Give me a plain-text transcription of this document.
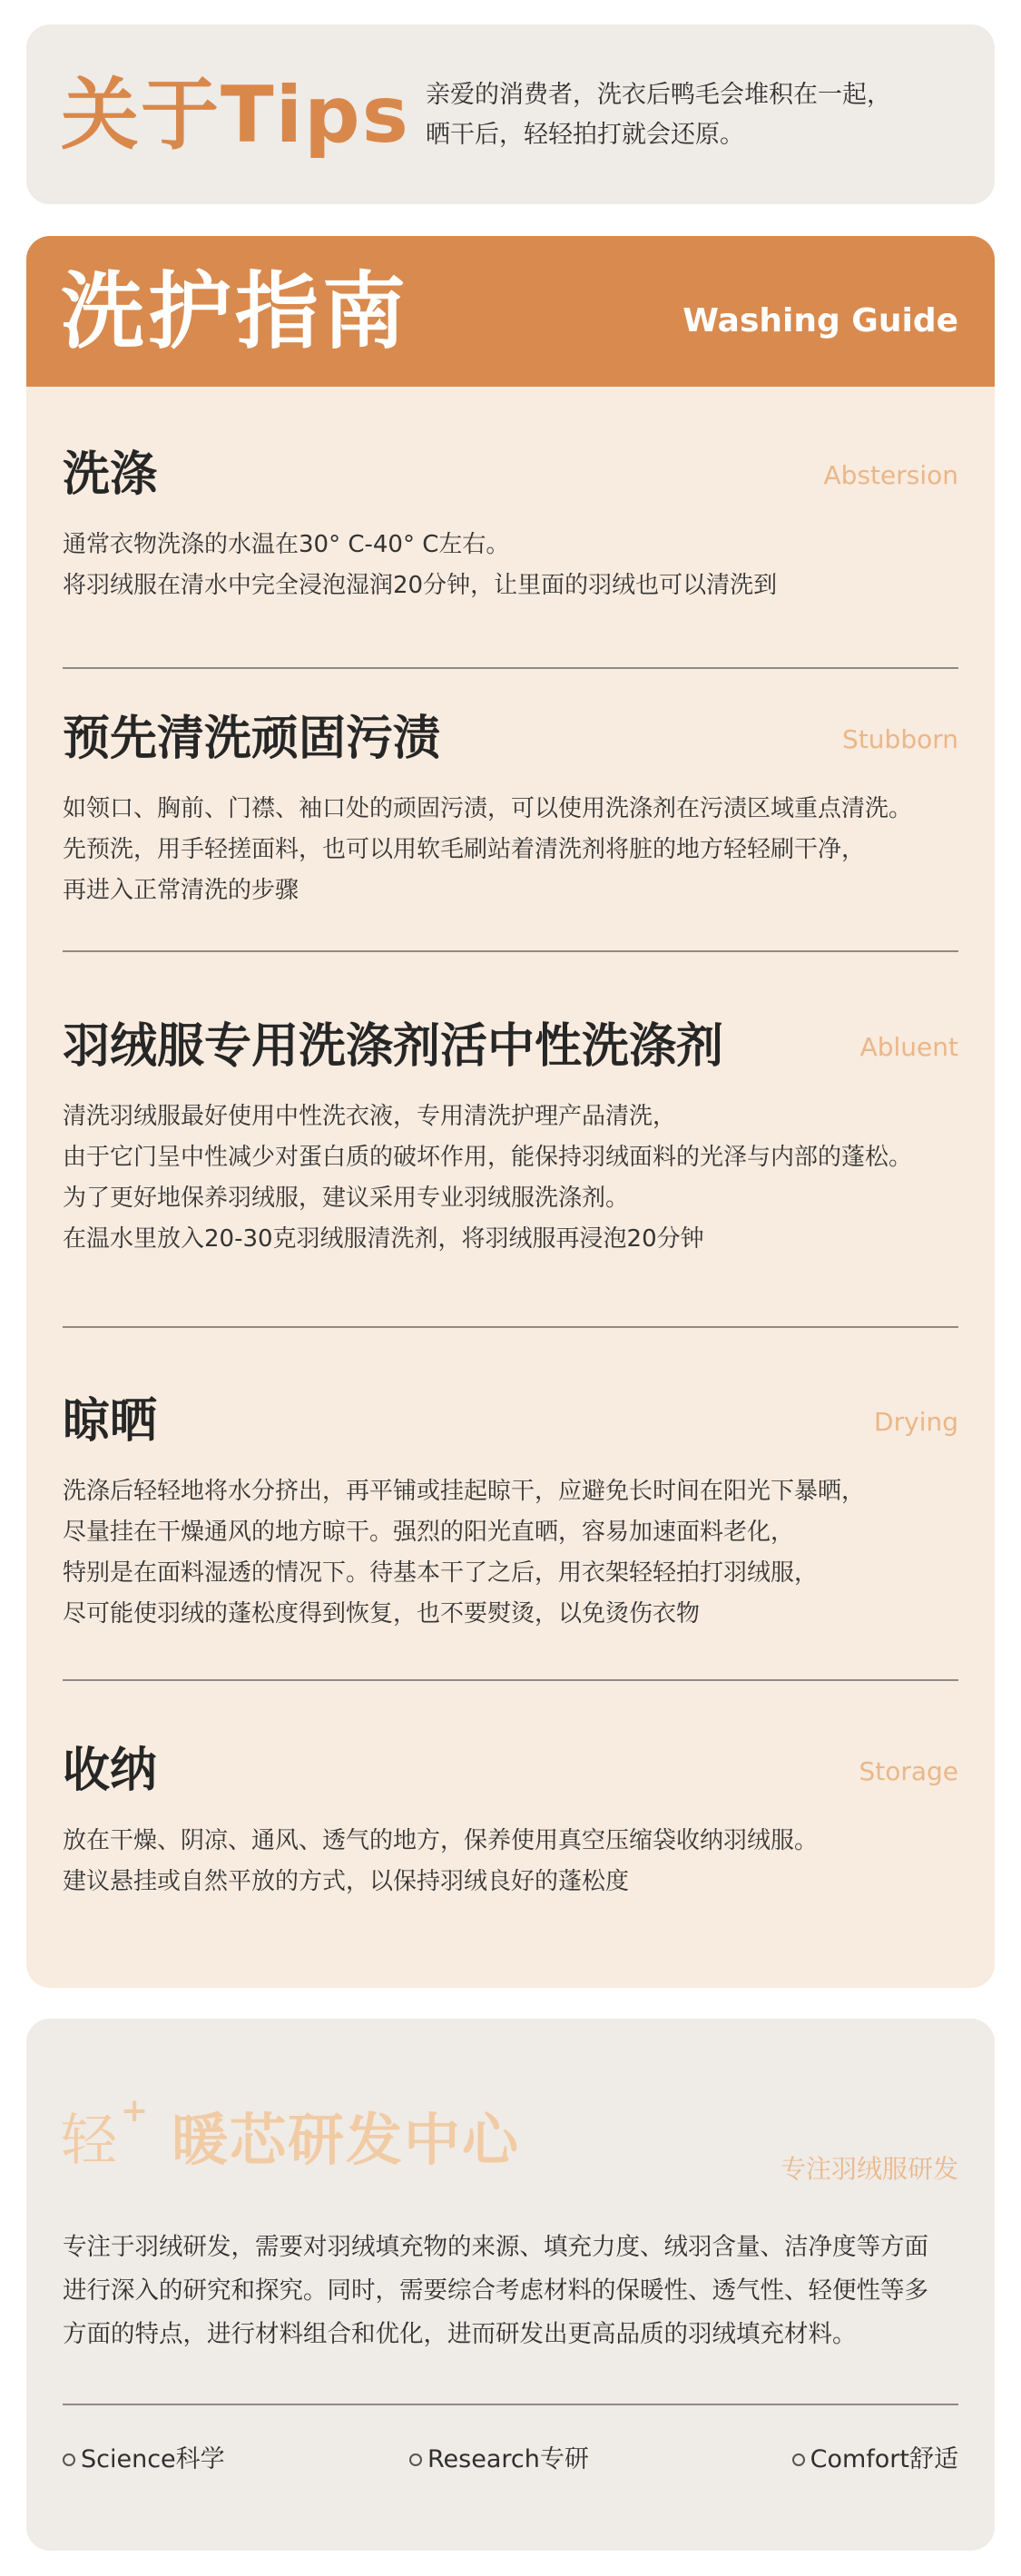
关于Tips 亲爱的消费者，洗衣后鸭毛会堆积在一起，
晒干后，轻轻拍打就会还原。
洗护指南	Washing Guide
洗涤	Abstersion
通常衣物洗涤的水温在30° C-40° C左右。
将羽绒服在清水中完全浸泡湿润20分钟，让里面的羽绒也可以清洗到
预先清洗顽固污渍	Stubborn
如领口、胸前、门襟、袖口处的顽固污渍，可以使用洗涤剂在污渍区域重点清洗。
先预洗，用手轻搓面料，也可以用软毛刷站着清洗剂将脏的地方轻轻刷干净，
再进入正常清洗的步骤
羽绒服专用洗涤剂活中性洗涤剂	Abluent
清洗羽绒服最好使用中性洗衣液，专用清洗护理产品清洗，
由于它门呈中性减少对蛋白质的破坏作用，能保持羽绒面料的光泽与内部的蓬松。
为了更好地保养羽绒服，建议采用专业羽绒服洗涤剂。
在温水里放入20-30克羽绒服清洗剂，将羽绒服再浸泡20分钟
晾晒	Drying
洗涤后轻轻地将水分挤出，再平铺或挂起晾干，应避免长时间在阳光下暴晒，
尽量挂在干燥通风的地方晾干。强烈的阳光直晒，容易加速面料老化，
特别是在面料湿透的情况下。待基本干了之后，用衣架轻轻拍打羽绒服，
尽可能使羽绒的蓬松度得到恢复，也不要熨烫，以免烫伤衣物
收纳	Storage
放在干燥、阴凉、通风、透气的地方，保养使用真空压缩袋收纳羽绒服。
建议悬挂或自然平放的方式，以保持羽绒良好的蓬松度
轻 + 暖芯研发中心	专注羽绒服研发
专注于羽绒研发，需要对羽绒填充物的来源、填充力度、绒羽含量、洁净度等方面
进行深入的研究和探究。同时，需要综合考虑材料的保暖性、透气性、轻便性等多
方面的特点，进行材料组合和优化，进而研发出更高品质的羽绒填充材料。
Science科学	Research专研	Comfort舒适
